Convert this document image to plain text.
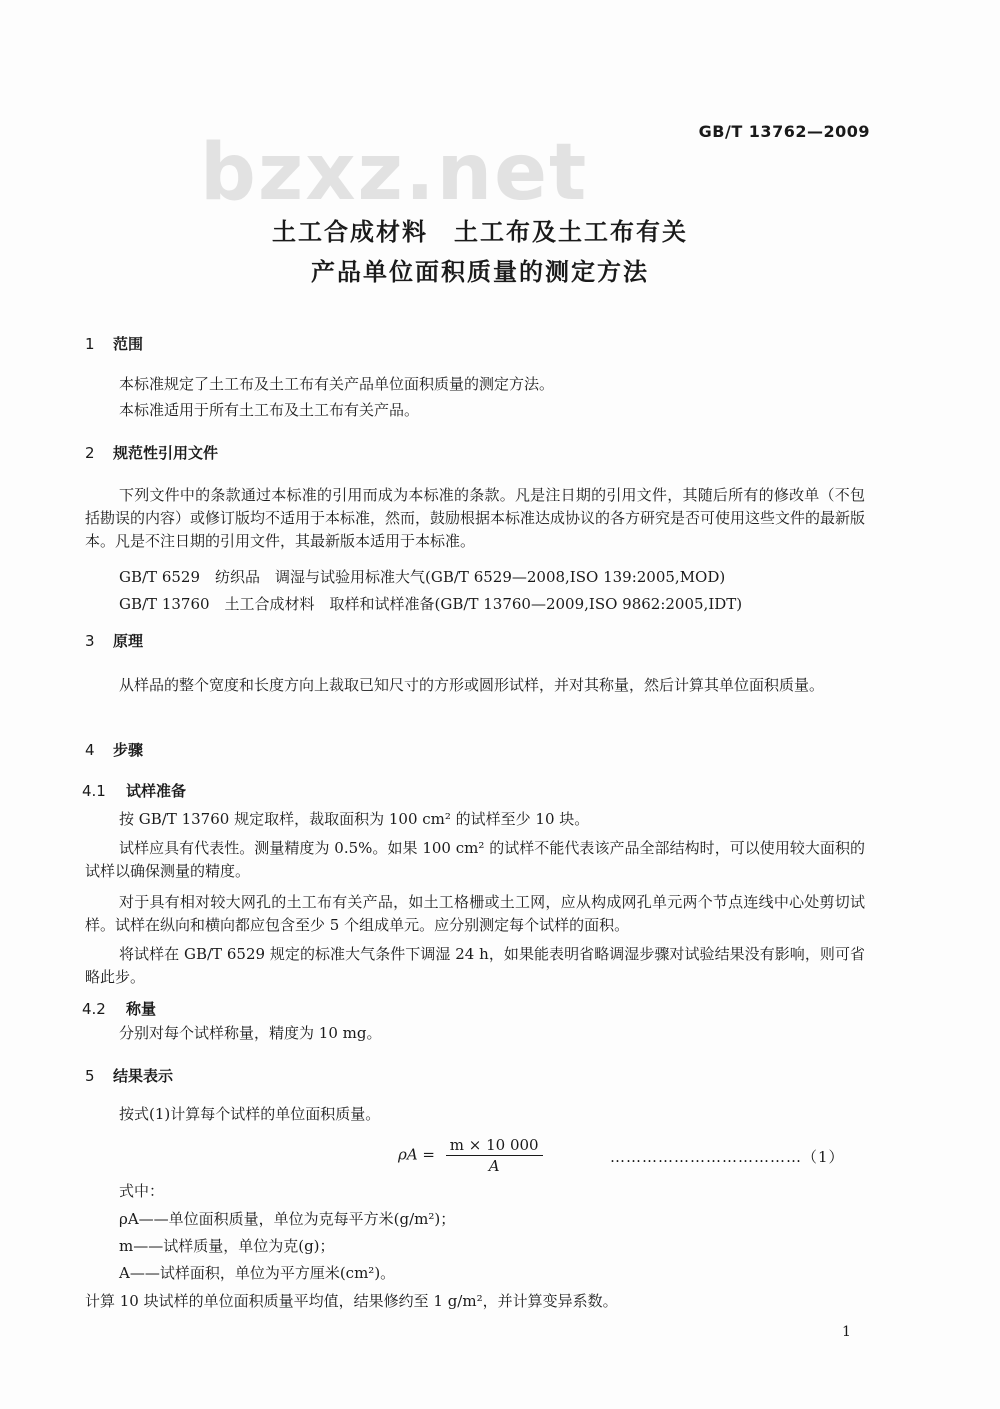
bzxz.net	GB/T 13762—2009
土工合成材料　土工布及土工布有关
产品单位面积质量的测定方法
1 范围
本标准规定了土工布及土工布有关产品单位面积质量的测定方法。
本标准适用于所有土工布及土工布有关产品。
2 规范性引用文件
下列文件中的条款通过本标准的引用而成为本标准的条款。凡是注日期的引用文件，其随后所有的修改单（不包括勘误的内容）或修订版均不适用于本标准，然而，鼓励根据本标准达成协议的各方研究是否可使用这些文件的最新版本。凡是不注日期的引用文件，其最新版本适用于本标准。
GB/T 6529　纺织品　调湿与试验用标准大气(GB/T 6529—2008,ISO 139:2005,MOD)
GB/T 13760　土工合成材料　取样和试样准备(GB/T 13760—2009,ISO 9862:2005,IDT)
3 原理
从样品的整个宽度和长度方向上裁取已知尺寸的方形或圆形试样，并对其称量，然后计算其单位面积质量。
4 步骤
4.1 试样准备
按 GB/T 13760 规定取样，裁取面积为 100 cm² 的试样至少 10 块。
试样应具有代表性。测量精度为 0.5%。如果 100 cm² 的试样不能代表该产品全部结构时，可以使用较大面积的试样以确保测量的精度。
对于具有相对较大网孔的土工布有关产品，如土工格栅或土工网，应从构成网孔单元两个节点连线中心处剪切试样。试样在纵向和横向都应包含至少 5 个组成单元。应分别测定每个试样的面积。
将试样在 GB/T 6529 规定的标准大气条件下调湿 24 h，如果能表明省略调湿步骤对试验结果没有影响，则可省略此步。
4.2 称量
分别对每个试样称量，精度为 10 mg。
5 结果表示
按式(1)计算每个试样的单位面积质量。
$\rho A = \frac{m \times 10 000}{A}$	………………………………（1）
式中：
ρA——单位面积质量，单位为克每平方米(g/m²)；
m——试样质量，单位为克(g)；
A——试样面积，单位为平方厘米(cm²)。
计算 10 块试样的单位面积质量平均值，结果修约至 1 g/m²，并计算变异系数。
1
